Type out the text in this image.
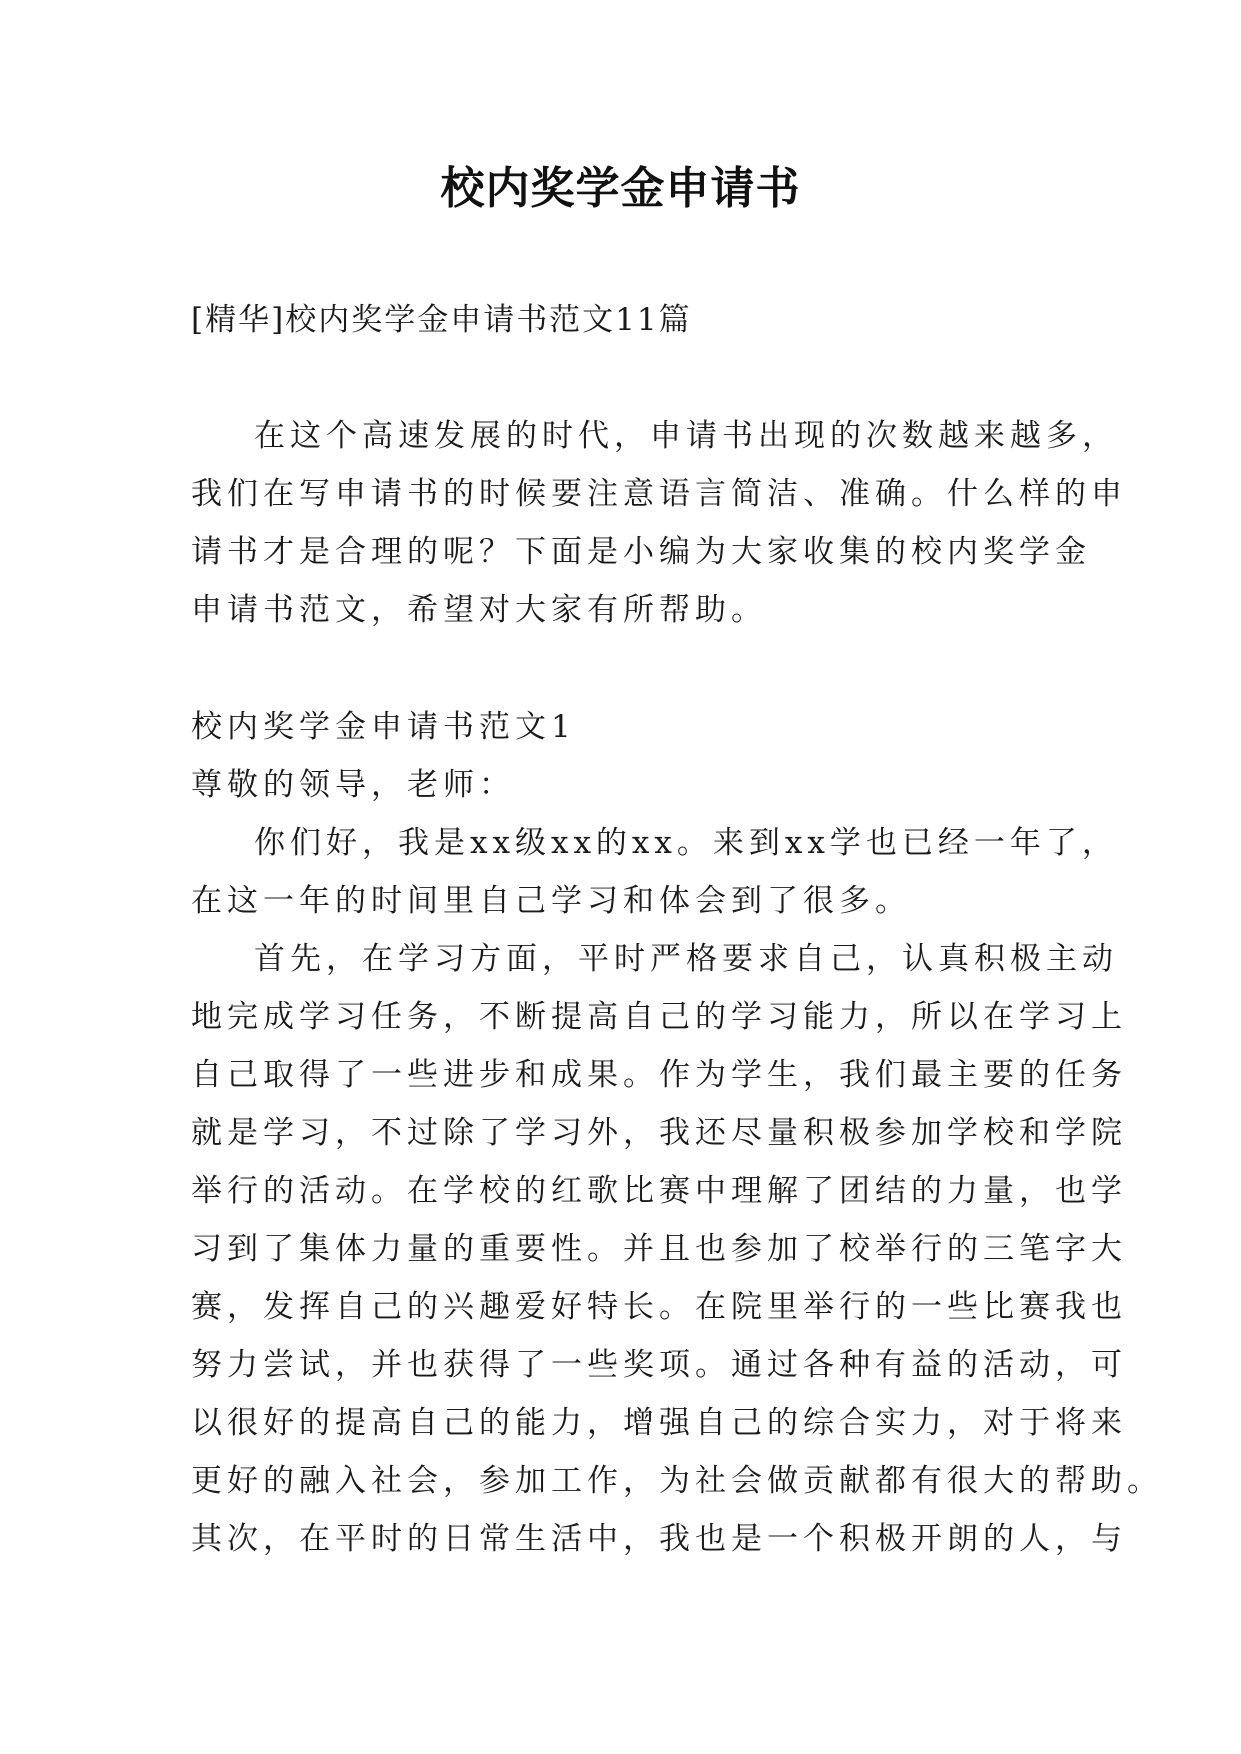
校内奖学金申请书
[精华]校内奖学金申请书范文11篇
在这个高速发展的时代，申请书出现的次数越来越多，
我们在写申请书的时候要注意语言简洁、准确。什么样的申
请书才是合理的呢？下面是小编为大家收集的校内奖学金
申请书范文，希望对大家有所帮助。
校内奖学金申请书范文1
尊敬的领导，老师：
你们好，我是xx级xx的xx。来到xx学也已经一年了，
在这一年的时间里自己学习和体会到了很多。
首先，在学习方面，平时严格要求自己，认真积极主动
地完成学习任务，不断提高自己的学习能力，所以在学习上
自己取得了一些进步和成果。作为学生，我们最主要的任务
就是学习，不过除了学习外，我还尽量积极参加学校和学院
举行的活动。在学校的红歌比赛中理解了团结的力量，也学
习到了集体力量的重要性。并且也参加了校举行的三笔字大
赛，发挥自己的兴趣爱好特长。在院里举行的一些比赛我也
努力尝试，并也获得了一些奖项。通过各种有益的活动，可
以很好的提高自己的能力，增强自己的综合实力，对于将来
更好的融入社会，参加工作，为社会做贡献都有很大的帮助。
其次，在平时的日常生活中，我也是一个积极开朗的人，与
